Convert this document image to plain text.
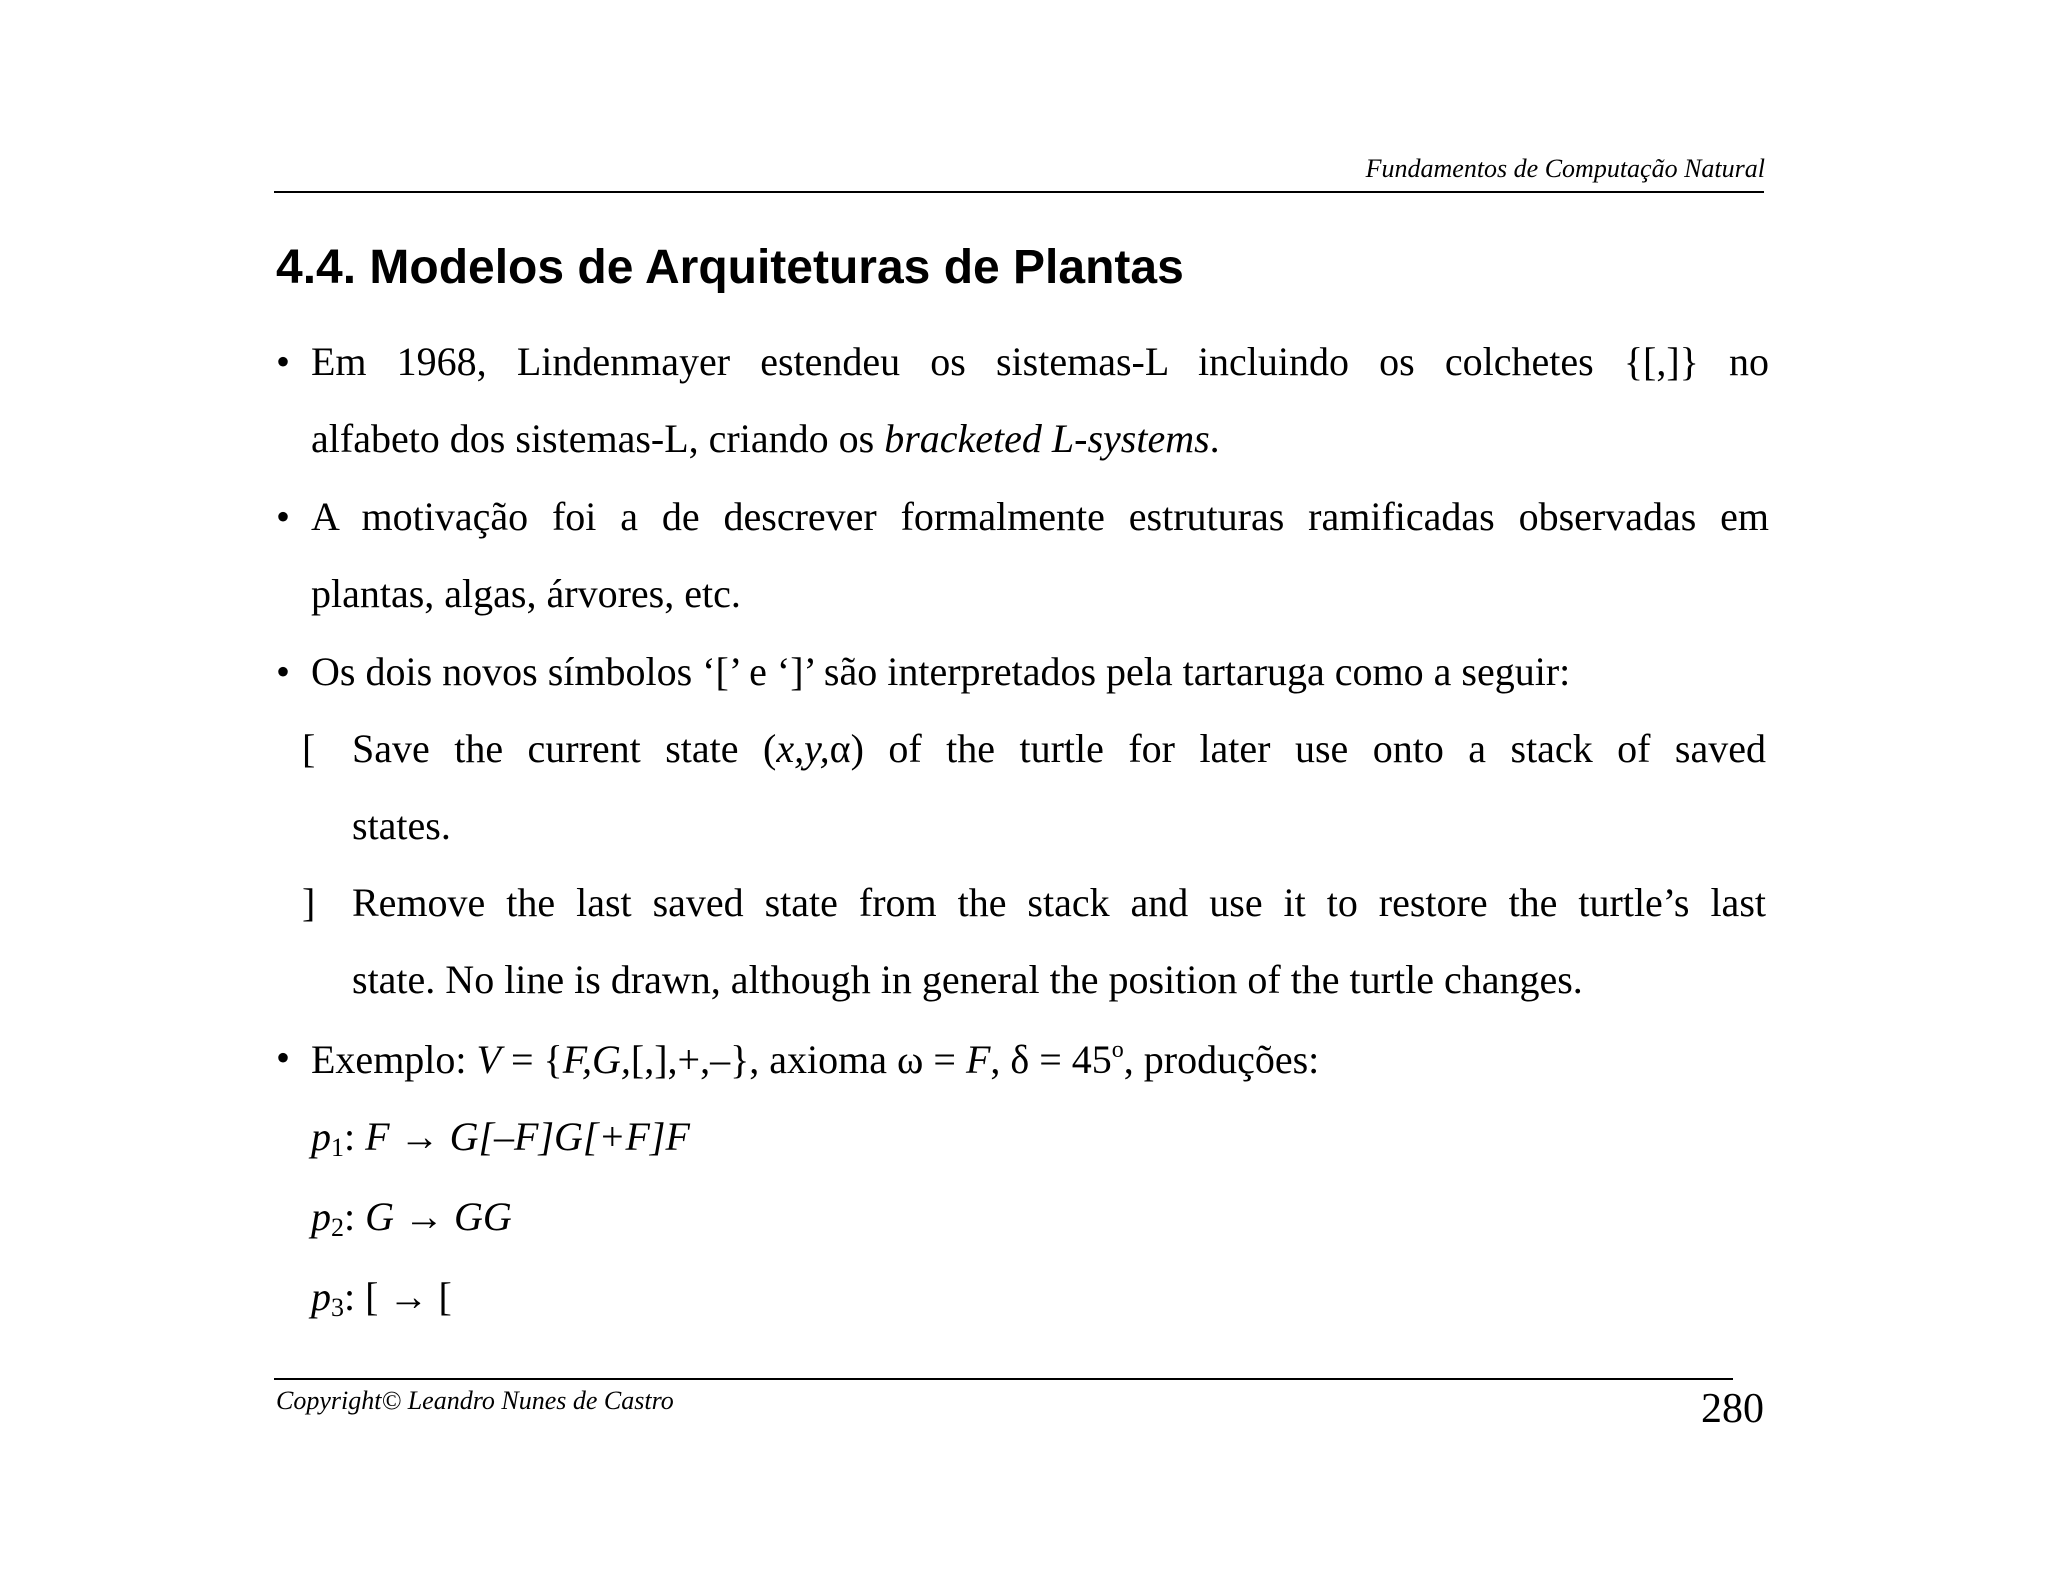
Fundamentos de Computação Natural
4.4. Modelos de Arquiteturas de Plantas
• Em 1968, Lindenmayer estendeu os sistemas-L incluindo os colchetes {[,]} no
alfabeto dos sistemas-L, criando os bracketed L-systems.
• A motivação foi a de descrever formalmente estruturas ramificadas observadas em
plantas, algas, árvores, etc.
• Os dois novos símbolos ‘[’ e ‘]’ são interpretados pela tartaruga como a seguir:
[ Save the current state (x,y,α) of the turtle for later use onto a stack of saved
states.
] Remove the last saved state from the stack and use it to restore the turtle’s last
state. No line is drawn, although in general the position of the turtle changes.
• Exemplo: V = {F,G,[,],+,–}, axioma ω = F, $\delta = 45^o$, produções:
$p_1$: F → G[–F]G[+F]F
$p_2$: G → GG
$p_3$: [ → [
Copyright© Leandro Nunes de Castro	280
